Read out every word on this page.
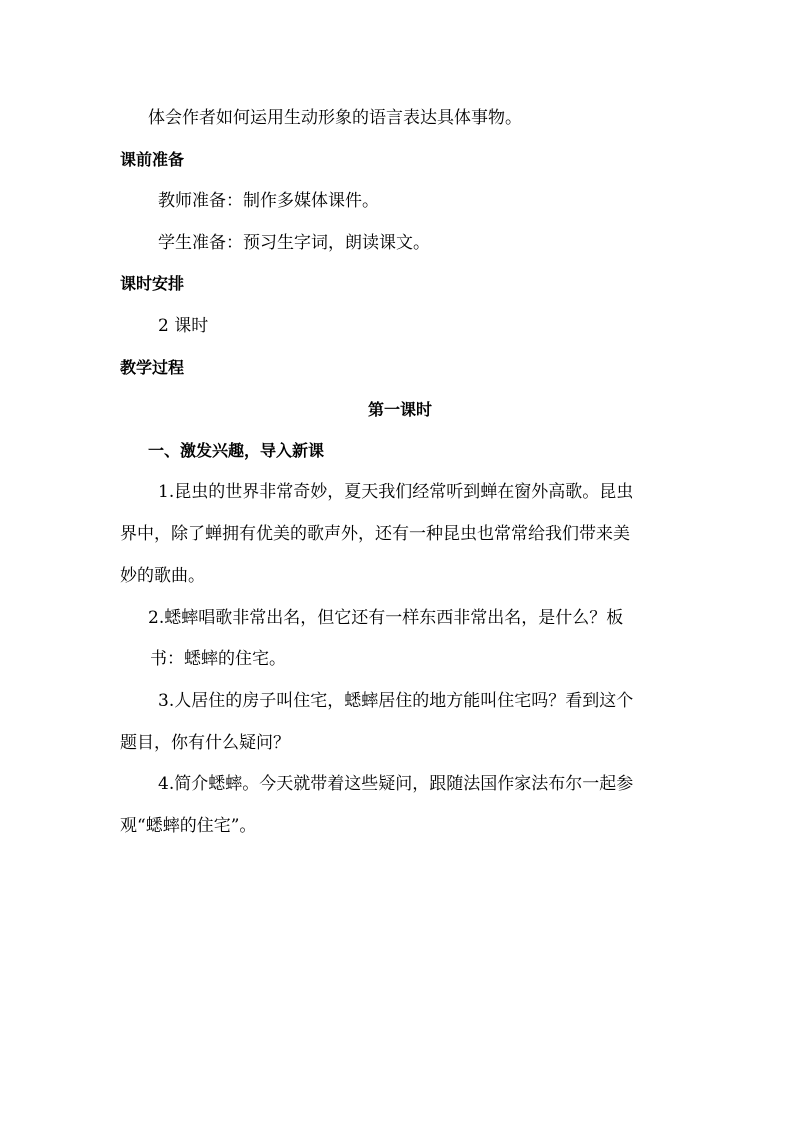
体会作者如何运用生动形象的语言表达具体事物。
课前准备
教师准备：制作多媒体课件。
学生准备：预习生字词，朗读课文。
课时安排
2 课时
教学过程
第一课时
一、激发兴趣，导入新课
1.昆虫的世界非常奇妙，夏天我们经常听到蝉在窗外高歌。昆虫
界中，除了蝉拥有优美的歌声外，还有一种昆虫也常常给我们带来美
妙的歌曲。
2.蟋蟀唱歌非常出名，但它还有一样东西非常出名，是什么？板
书：蟋蟀的住宅。
3.人居住的房子叫住宅，蟋蟀居住的地方能叫住宅吗？看到这个
题目，你有什么疑问？
4.简介蟋蟀。今天就带着这些疑问，跟随法国作家法布尔一起参
观“蟋蟀的住宅”。
